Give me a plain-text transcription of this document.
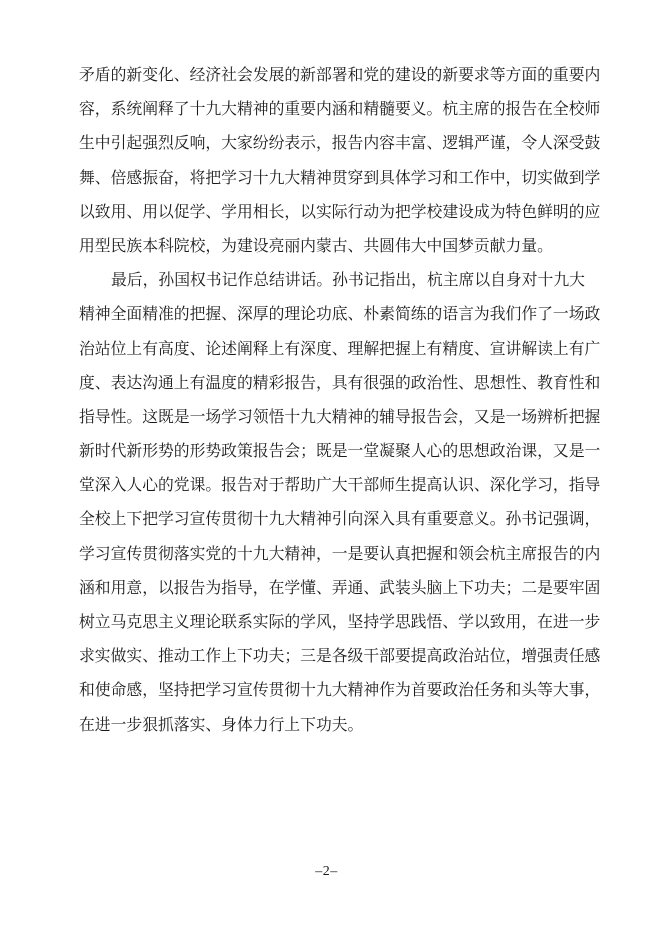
矛盾的新变化、经济社会发展的新部署和党的建设的新要求等方面的重要内
容，系统阐释了十九大精神的重要内涵和精髓要义。杭主席的报告在全校师
生中引起强烈反响，大家纷纷表示，报告内容丰富、逻辑严谨，令人深受鼓
舞、倍感振奋，将把学习十九大精神贯穿到具体学习和工作中，切实做到学
以致用、用以促学、学用相长，以实际行动为把学校建设成为特色鲜明的应
用型民族本科院校，为建设亮丽内蒙古、共圆伟大中国梦贡献力量。
最后，孙国权书记作总结讲话。孙书记指出，杭主席以自身对十九大
精神全面精准的把握、深厚的理论功底、朴素简练的语言为我们作了一场政
治站位上有高度、论述阐释上有深度、理解把握上有精度、宣讲解读上有广
度、表达沟通上有温度的精彩报告，具有很强的政治性、思想性、教育性和
指导性。这既是一场学习领悟十九大精神的辅导报告会，又是一场辨析把握
新时代新形势的形势政策报告会；既是一堂凝聚人心的思想政治课，又是一
堂深入人心的党课。报告对于帮助广大干部师生提高认识、深化学习，指导
全校上下把学习宣传贯彻十九大精神引向深入具有重要意义。孙书记强调，
学习宣传贯彻落实党的十九大精神，一是要认真把握和领会杭主席报告的内
涵和用意，以报告为指导，在学懂、弄通、武装头脑上下功夫；二是要牢固
树立马克思主义理论联系实际的学风，坚持学思践悟、学以致用，在进一步
求实做实、推动工作上下功夫；三是各级干部要提高政治站位，增强责任感
和使命感，坚持把学习宣传贯彻十九大精神作为首要政治任务和头等大事，
在进一步狠抓落实、身体力行上下功夫。
–2–
